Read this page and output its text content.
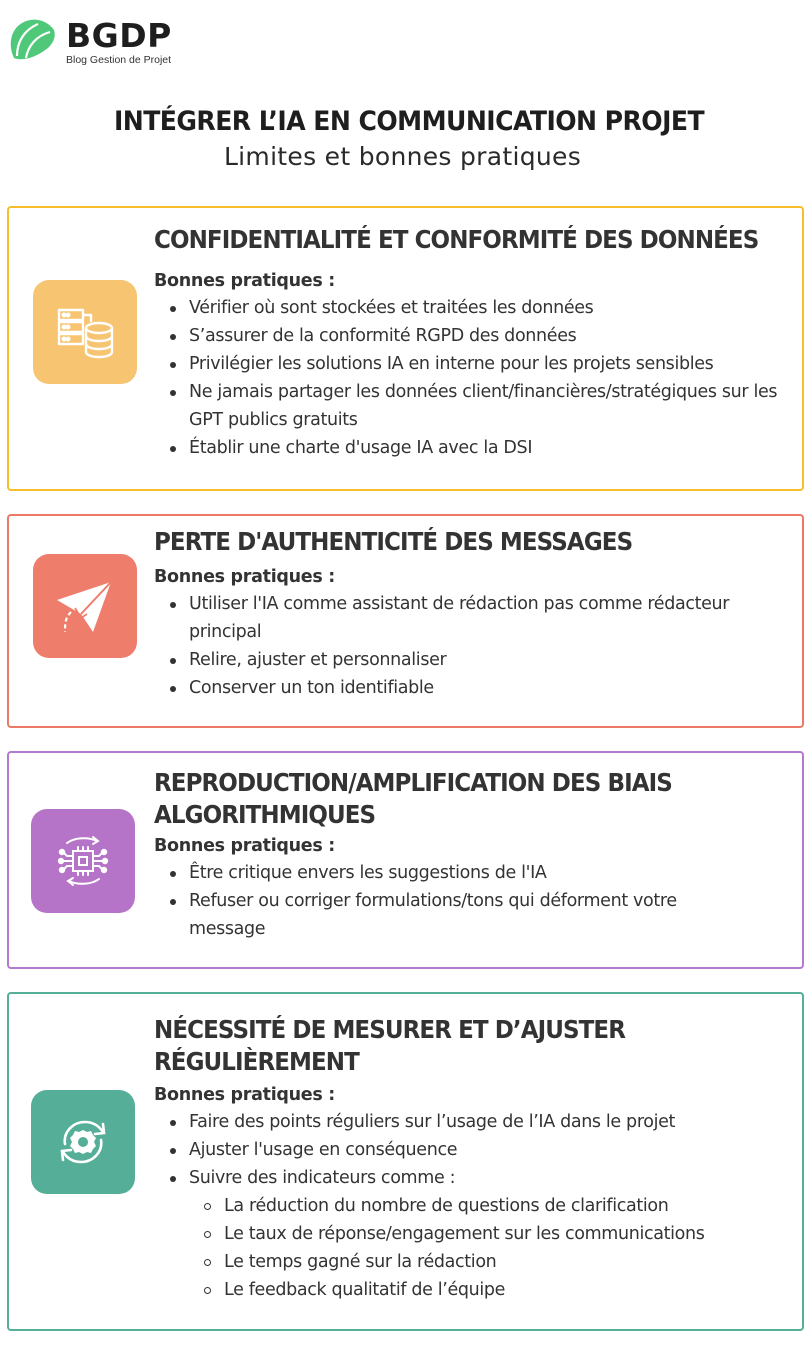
BGDP
Blog Gestion de Projet
INTÉGRER L’IA EN COMMUNICATION PROJET
Limites et bonnes pratiques
CONFIDENTIALITÉ ET CONFORMITÉ DES DONNÉES
Bonnes pratiques :
Vérifier où sont stockées et traitées les données
S’assurer de la conformité RGPD des données
Privilégier les solutions IA en interne pour les projets sensibles
Ne jamais partager les données client/financières/stratégiques sur les GPT publics gratuits
Établir une charte d'usage IA avec la DSI
PERTE D'AUTHENTICITÉ DES MESSAGES
Bonnes pratiques :
Utiliser l'IA comme assistant de rédaction pas comme rédacteur principal
Relire, ajuster et personnaliser
Conserver un ton identifiable
REPRODUCTION/AMPLIFICATION DES BIAIS
ALGORITHMIQUES
Bonnes pratiques :
Être critique envers les suggestions de l'IA
Refuser ou corriger formulations/tons qui déforment votre message
NÉCESSITÉ DE MESURER ET D’AJUSTER
RÉGULIÈREMENT
Bonnes pratiques :
Faire des points réguliers sur l’usage de l’IA dans le projet
Ajuster l'usage en conséquence
Suivre des indicateurs comme :
La réduction du nombre de questions de clarification
Le taux de réponse/engagement sur les communications
Le temps gagné sur la rédaction
Le feedback qualitatif de l’équipe
